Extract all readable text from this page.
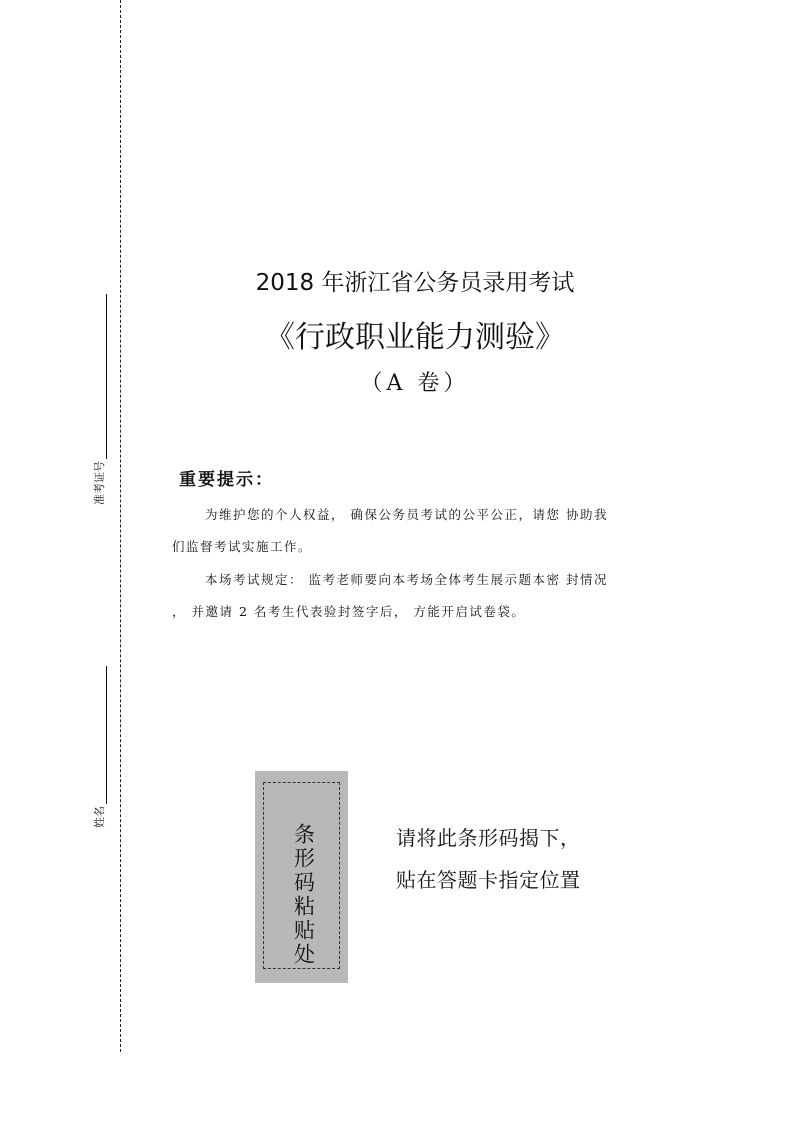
准考证号
姓名
2018 年浙江省公务员录用考试
《行政职业能力测验》
（A 卷）
重要提示：
为维护您的个人权益， 确保公务员考试的公平公正，请您 协助我
们监督考试实施工作。
本场考试规定： 监考老师要向本考场全体考生展示题本密 封情况
， 并邀请 2 名考生代表验封签字后， 方能开启试卷袋。
条形码粘贴处	请将此条形码揭下，
贴在答题卡指定位置
